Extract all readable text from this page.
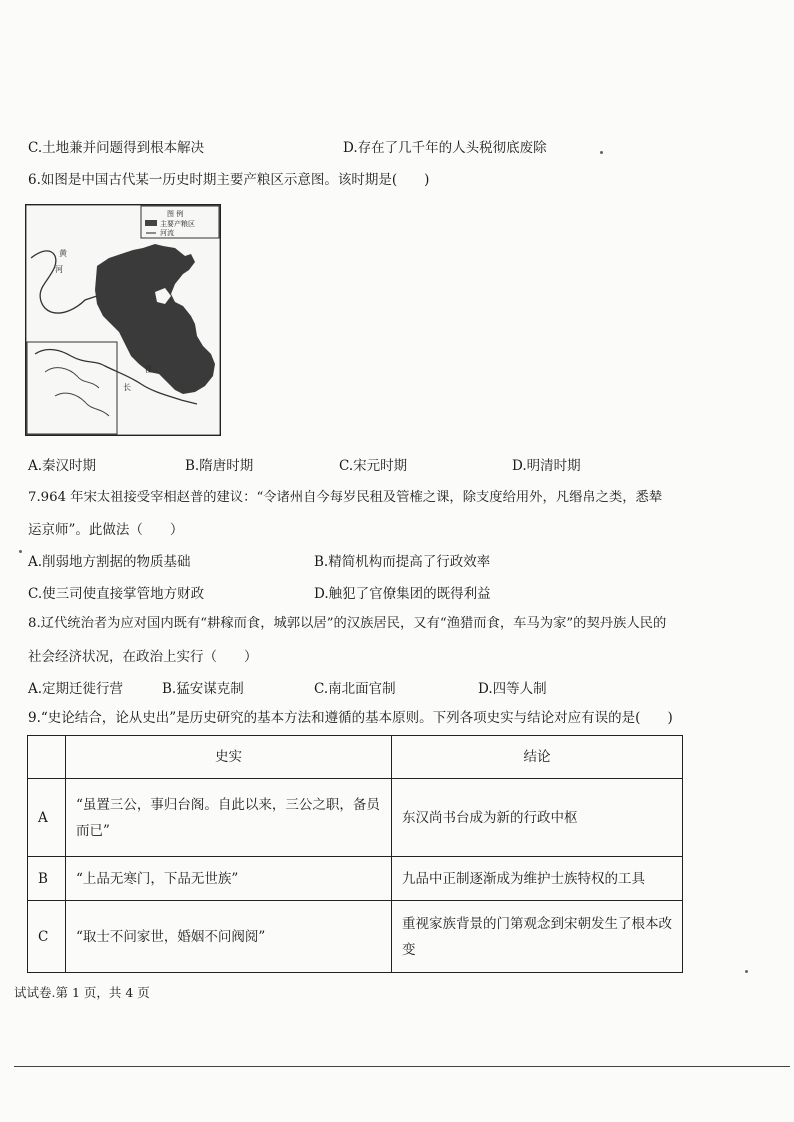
C.土地兼并问题得到根本解决	D.存在了几千年的人头税彻底废除
6.如图是中国古代某一历史时期主要产粮区示意图。该时期是(　　)
图 例
主要产粮区
河流
黄
河
长
江
A.秦汉时期	B.隋唐时期	C.宋元时期	D.明清时期
7.964 年宋太祖接受宰相赵普的建议：“令诸州自今每岁民租及管榷之课，除支度给用外，凡缗帛之类，悉辇
运京师”。此做法（　　）
A.削弱地方割据的物质基础	B.精简机构而提高了行政效率
C.使三司使直接掌管地方财政	D.触犯了官僚集团的既得利益
8.辽代统治者为应对国内既有“耕稼而食，城郭以居”的汉族居民，又有“渔猎而食，车马为家”的契丹族人民的
社会经济状况，在政治上实行（　　）
A.定期迁徙行营	B.猛安谋克制	C.南北面官制	D.四等人制
9.“史论结合，论从史出”是历史研究的基本方法和遵循的基本原则。下列各项史实与结论对应有误的是(　　)
	史实	结论
A	“虽置三公，事归台阁。自此以来，三公之职，备员而已”	东汉尚书台成为新的行政中枢
B	“上品无寒门，下品无世族”	九品中正制逐渐成为维护士族特权的工具
C	“取士不问家世，婚姻不问阀阅”	重视家族背景的门第观念到宋朝发生了根本改变
试试卷.第 1 页，共 4 页
